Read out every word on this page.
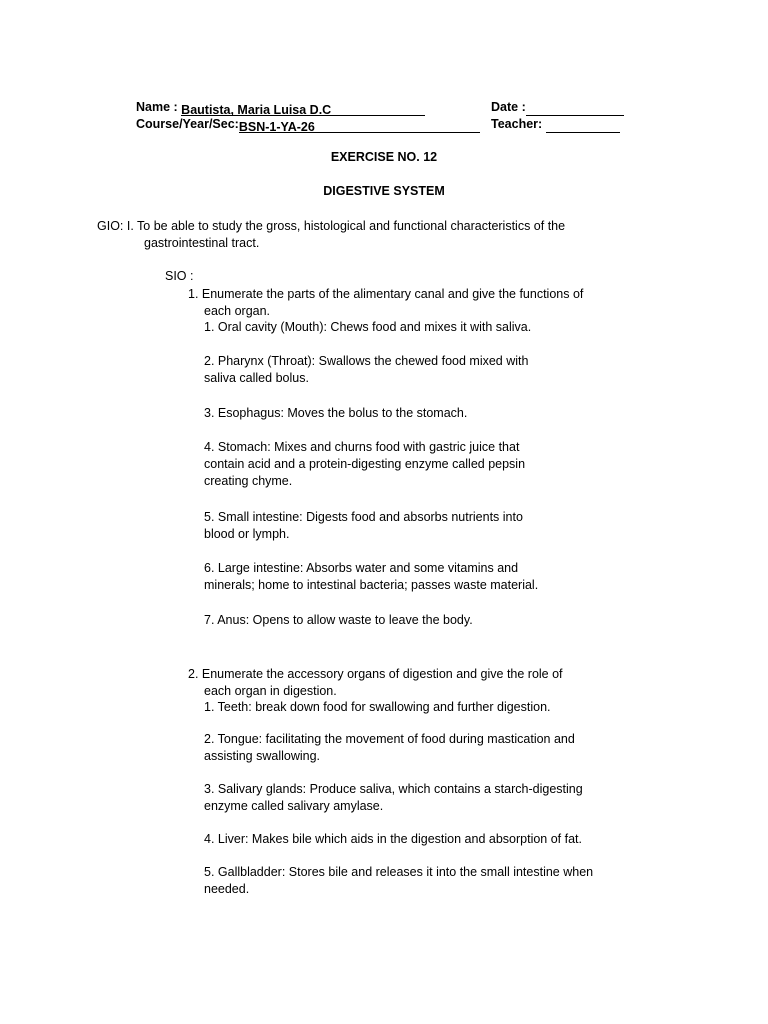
Name : Bautista, Maria Luisa D.C	Date :
Course/Year/Sec:BSN-1-YA-26	Teacher:
EXERCISE NO. 12
DIGESTIVE SYSTEM
GIO: I. To be able to study the gross, histological and functional characteristics of the
gastrointestinal tract.
SIO :
1. Enumerate the parts of the alimentary canal and give the functions of
each organ.
1. Oral cavity (Mouth): Chews food and mixes it with saliva.
2. Pharynx (Throat): Swallows the chewed food mixed with
saliva called bolus.
3. Esophagus: Moves the bolus to the stomach.
4. Stomach: Mixes and churns food with gastric juice that
contain acid and a protein-digesting enzyme called pepsin
creating chyme.
5. Small intestine: Digests food and absorbs nutrients into
blood or lymph.
6. Large intestine: Absorbs water and some vitamins and
minerals; home to intestinal bacteria; passes waste material.
7. Anus: Opens to allow waste to leave the body.
2. Enumerate the accessory organs of digestion and give the role of
each organ in digestion.
1. Teeth: break down food for swallowing and further digestion.
2. Tongue: facilitating the movement of food during mastication and
assisting swallowing.
3. Salivary glands: Produce saliva, which contains a starch-digesting
enzyme called salivary amylase.
4. Liver: Makes bile which aids in the digestion and absorption of fat.
5. Gallbladder: Stores bile and releases it into the small intestine when
needed.
